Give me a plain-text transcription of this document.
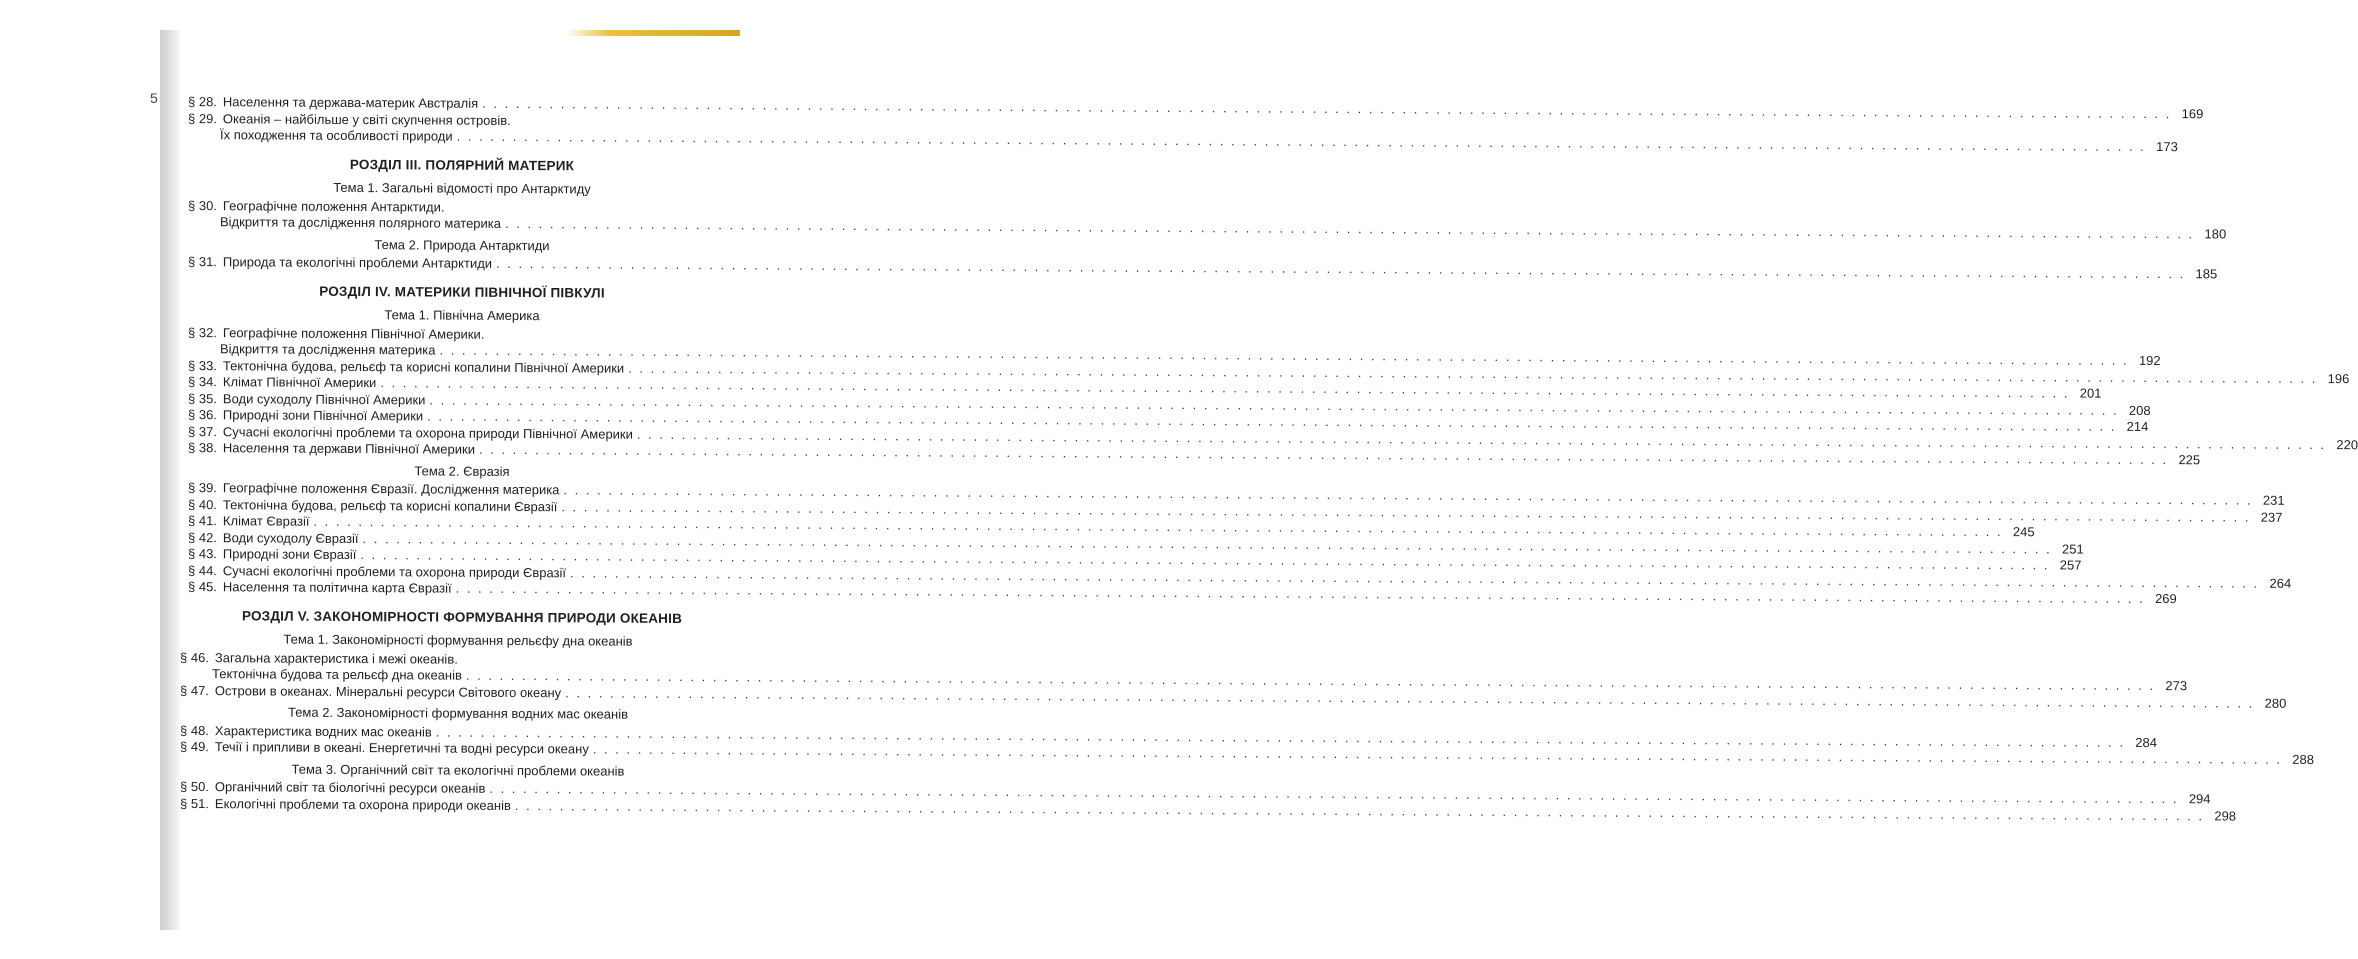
5 § 28. Населення та держава-материк Австралія
. . .
169
§ 29. Океанія – найбільше у світі скупчення островів.
Їх походження та особливості природи
. . .
173
РОЗДІЛ III. ПОЛЯРНИЙ МАТЕРИК
Тема 1. Загальні відомості про Антарктиду
§ 30. Географічне положення Антарктиди.
Відкриття та дослідження полярного материка
. . .
180
Тема 2. Природа Антарктиди
§ 31. Природа та екологічні проблеми Антарктиди
. . .
185
РОЗДІЛ IV. МАТЕРИКИ ПІВНІЧНОЇ ПІВКУЛІ
Тема 1. Північна Америка
§ 32. Географічне положення Північної Америки.
Відкриття та дослідження материка
. . .
192
§ 33. Тектонічна будова, рельєф та корисні копалини Північної Америки
. . .
196
§ 34. Клімат Північної Америки
. . .
201
§ 35. Води суходолу Північної Америки
. . .
208
§ 36. Природні зони Північної Америки
. . .
214
§ 37. Сучасні екологічні проблеми та охорона природи Північної Америки
. . .
220
§ 38. Населення та держави Північної Америки
. . .
225
Тема 2. Євразія
§ 39. Географічне положення Євразії. Дослідження материка
. . .
231
§ 40. Тектонічна будова, рельєф та корисні копалини Євразії
. . .
237
§ 41. Клімат Євразії
. . .
245
§ 42. Води суходолу Євразії
. . .
251
§ 43. Природні зони Євразії
. . .
257
§ 44. Сучасні екологічні проблеми та охорона природи Євразії
. . .
264
§ 45. Населення та політична карта Євразії
. . .
269
РОЗДІЛ V. ЗАКОНОМІРНОСТІ ФОРМУВАННЯ ПРИРОДИ ОКЕАНІВ
Тема 1. Закономірності формування рельєфу дна океанів
§ 46. Загальна характеристика і межі океанів.
Тектонічна будова та рельєф дна океанів
. . .
273
§ 47. Острови в океанах. Мінеральні ресурси Світового океану
. . .
280
Тема 2. Закономірності формування водних мас океанів
§ 48. Характеристика водних мас океанів
. . .
284
§ 49. Течії і припливи в океані. Енергетичні та водні ресурси океану
. . .
288
Тема 3. Органічний світ та екологічні проблеми океанів
§ 50. Органічний світ та біологічні ресурси океанів
. . .
294
§ 51. Екологічні проблеми та охорона природи океанів
. . .
298
